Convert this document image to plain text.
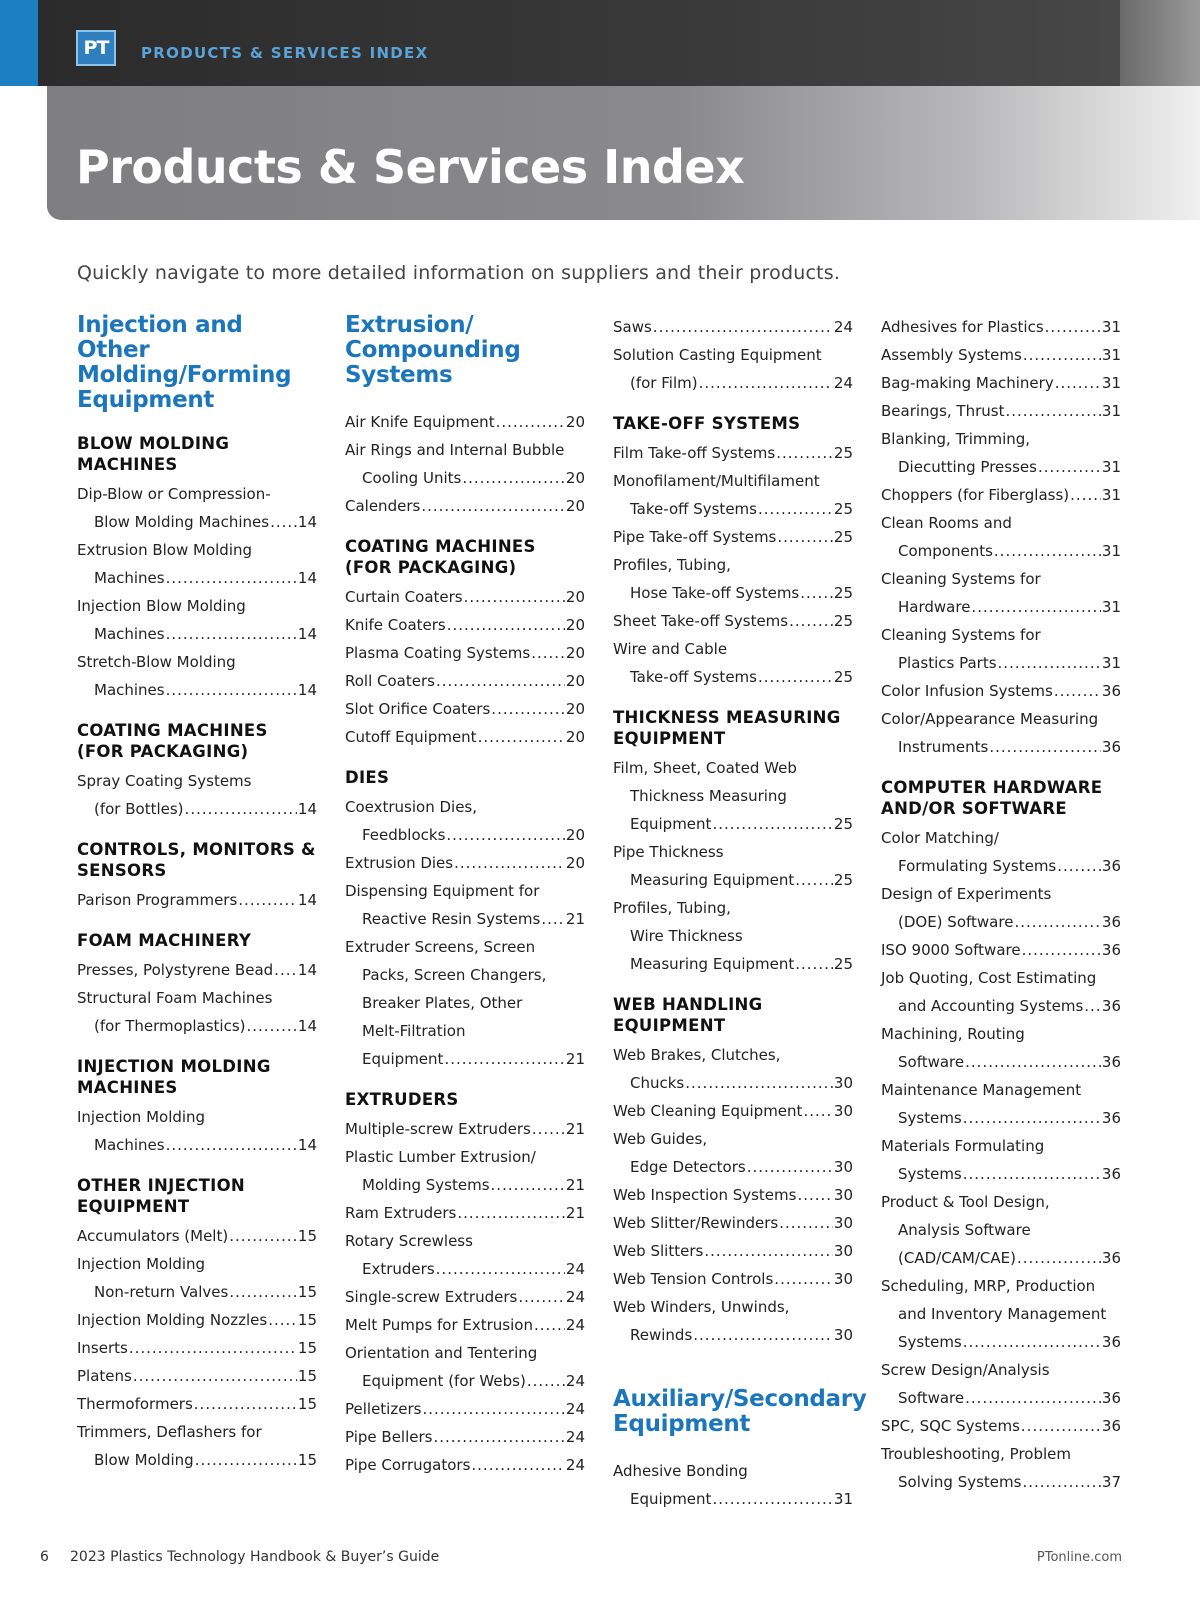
PT	PRODUCTS & SERVICES INDEX
Products & Services Index
Quickly navigate to more detailed information on suppliers and their products.
Injection and Other Molding/Forming Equipment
BLOW MOLDING MACHINES
Dip-Blow or Compression-
Blow Molding Machines ..... 14
Extrusion Blow Molding
Machines .....	14
Injection Blow Molding
Machines .....	14
Stretch-Blow Molding
Machines .....	14
COATING MACHINES (FOR PACKAGING)
Spray Coating Systems
(for Bottles) .....	14
CONTROLS, MONITORS & SENSORS
Parison Programmers .....	14
FOAM MACHINERY
Presses, Polystyrene Bead ..... 14
Structural Foam Machines
(for Thermoplastics) .....	14
INJECTION MOLDING MACHINES
Injection Molding
Machines .....	14
OTHER INJECTION EQUIPMENT
Accumulators (Melt) .....	15
Injection Molding
Non-return Valves .....	15
Injection Molding Nozzles ..... 15
Inserts .....	15
Platens .....	15
Thermoformers .....	15
Trimmers, Deflashers for
Blow Molding .....	15
Extrusion/ Compounding Systems
Air Knife Equipment .....	20
Air Rings and Internal Bubble
Cooling Units .....	20
Calenders .....	20
COATING MACHINES (FOR PACKAGING)
Curtain Coaters .....	20
Knife Coaters .....	20
Plasma Coating Systems ..... 20
Roll Coaters .....	20
Slot Orifice Coaters .....	20
Cutoff Equipment .....	20
DIES
Coextrusion Dies,
Feedblocks .....	20
Extrusion Dies .....	20
Dispensing Equipment for
Reactive Resin Systems ..... 21
Extruder Screens, Screen
Packs, Screen Changers,
Breaker Plates, Other
Melt-Filtration
Equipment .....	21
EXTRUDERS
Multiple-screw Extruders ..... 21
Plastic Lumber Extrusion/
Molding Systems .....	21
Ram Extruders .....	21
Rotary Screwless
Extruders .....	24
Single-screw Extruders .....	24
Melt Pumps for Extrusion ..... 24
Orientation and Tentering
Equipment (for Webs) .....	24
Pelletizers .....	24
Pipe Bellers .....	24
Pipe Corrugators .....	24
Saws .....	24
Solution Casting Equipment
(for Film) .....	24
TAKE-OFF SYSTEMS
Film Take-off Systems .....	25
Monofilament/Multifilament
Take-off Systems .....	25
Pipe Take-off Systems .....	25
Profiles, Tubing,
Hose Take-off Systems ..... 25
Sheet Take-off Systems .....	25
Wire and Cable
Take-off Systems .....	25
THICKNESS MEASURING EQUIPMENT
Film, Sheet, Coated Web
Thickness Measuring
Equipment .....	25
Pipe Thickness
Measuring Equipment .....	25
Profiles, Tubing,
Wire Thickness
Measuring Equipment .....	25
WEB HANDLING EQUIPMENT
Web Brakes, Clutches,
Chucks .....	30
Web Cleaning Equipment ..... 30
Web Guides,
Edge Detectors .....	30
Web Inspection Systems ..... 30
Web Slitter/Rewinders .....	30
Web Slitters .....	30
Web Tension Controls .....	30
Web Winders, Unwinds,
Rewinds .....	30
Auxiliary/Secondary Equipment
Adhesive Bonding
Equipment .....	31
Adhesives for Plastics .....	31
Assembly Systems .....	31
Bag-making Machinery .....	31
Bearings, Thrust .....	31
Blanking, Trimming,
Diecutting Presses .....	31
Choppers (for Fiberglass) ..... 31
Clean Rooms and
Components .....	31
Cleaning Systems for
Hardware .....	31
Cleaning Systems for
Plastics Parts .....	31
Color Infusion Systems .....	36
Color/Appearance Measuring
Instruments .....	36
COMPUTER HARDWARE AND/OR SOFTWARE
Color Matching/
Formulating Systems .....	36
Design of Experiments
(DOE) Software .....	36
ISO 9000 Software .....	36
Job Quoting, Cost Estimating
and Accounting Systems ..... 36
Machining, Routing
Software .....	36
Maintenance Management
Systems .....	36
Materials Formulating
Systems .....	36
Product & Tool Design,
Analysis Software
(CAD/CAM/CAE) .....	36
Scheduling, MRP, Production
and Inventory Management
Systems .....	36
Screw Design/Analysis
Software .....	36
SPC, SQC Systems .....	36
Troubleshooting, Problem
Solving Systems .....	37
6 2023 Plastics Technology Handbook & Buyer’s Guide	PTonline.com
